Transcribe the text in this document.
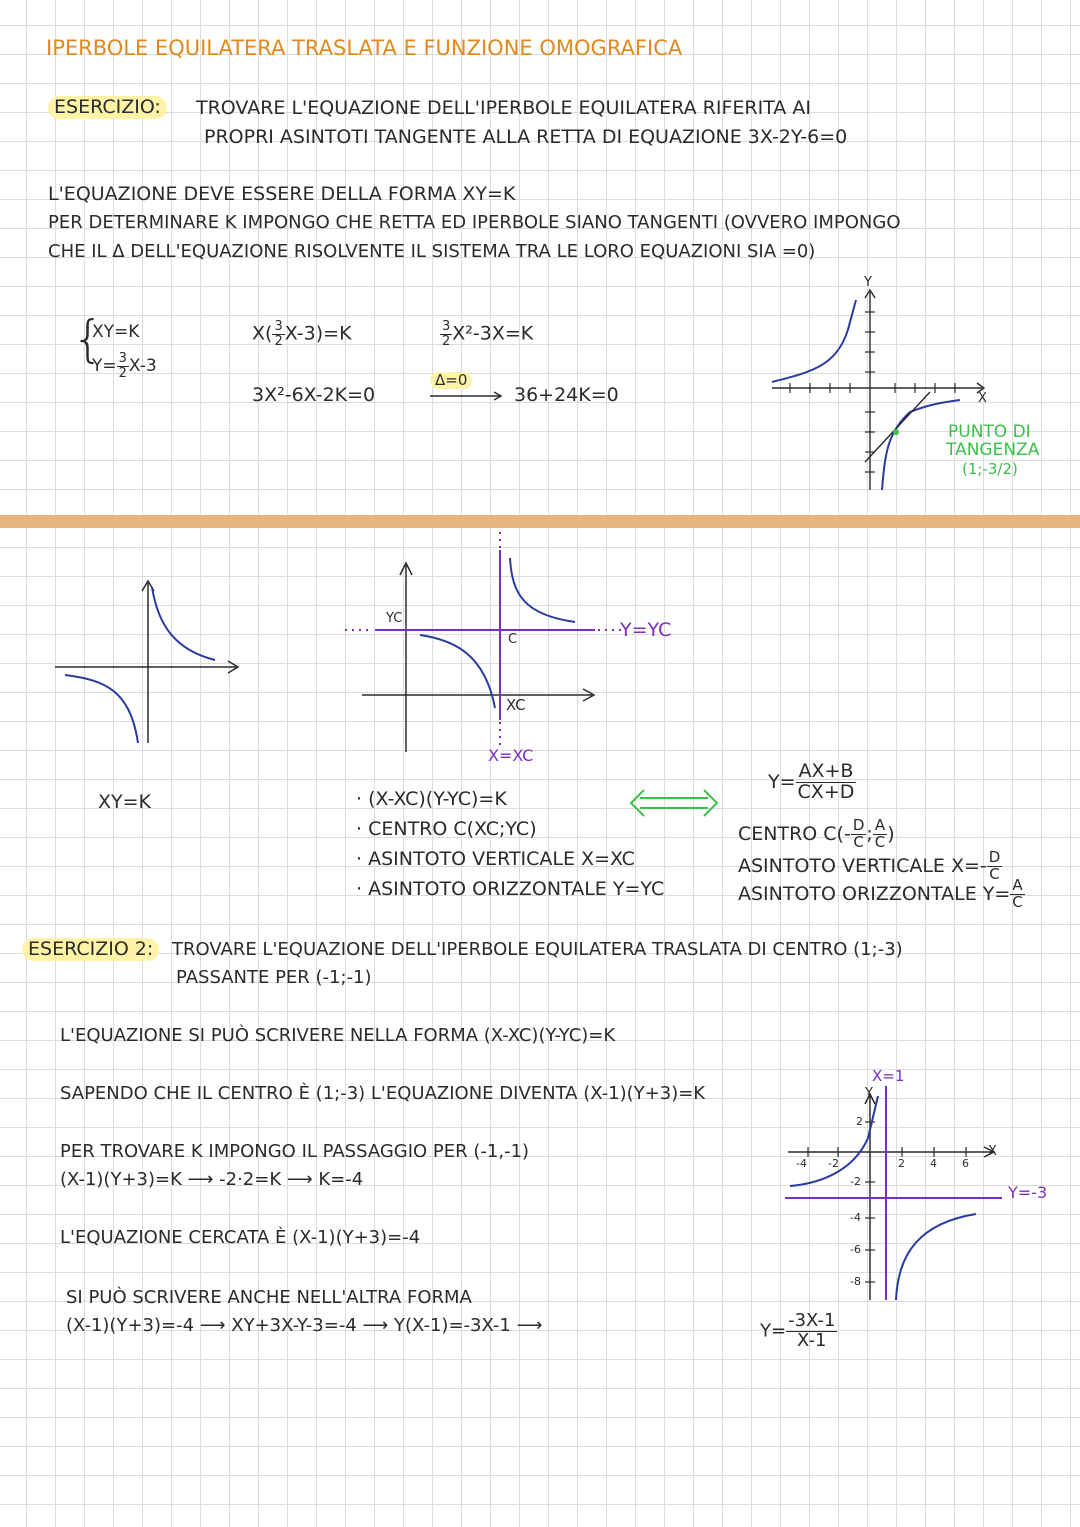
IPERBOLE EQUILATERA TRASLATA E FUNZIONE OMOGRAFICA
ESERCIZIO:	TROVARE L'EQUAZIONE DELL'IPERBOLE EQUILATERA RIFERITA AI
PROPRI ASINTOTI TANGENTE ALLA RETTA DI EQUAZIONE 3X-2Y-6=0
L'EQUAZIONE DEVE ESSERE DELLA FORMA XY=K
PER DETERMINARE K IMPONGO CHE RETTA ED IPERBOLE SIANO TANGENTI (OVVERO IMPONGO
CHE IL Δ DELL'EQUAZIONE RISOLVENTE IL SISTEMA TRA LE LORO EQUAZIONI SIA =0)
{
XY=K
$Y= \frac{3}{2} X-3$
$X( \frac{3}{2} X-3)=K$	$\frac{3}{2} X^2-3X=K$
3X²-6X-2K=0
Δ=0
36+24K=0
Y
X
PUNTO DI
TANGENZA
(1;-3/2)
XY=K
YC
C
XC
Y=YC
X=XC
· (X-XC)(Y-YC)=K
· CENTRO C(XC;YC)
· ASINTOTO VERTICALE X=XC
· ASINTOTO ORIZZONTALE Y=YC
$Y= \frac{AX+B}{CX+D}$
CENTRO $C(- \frac{D}{C}$ ; $\frac{A}{C}$ )
ASINTOTO VERTICALE $X=- \frac{D}{C}$
ASINTOTO ORIZZONTALE $Y= \frac{A}{C}$
ESERCIZIO 2:	TROVARE L'EQUAZIONE DELL'IPERBOLE EQUILATERA TRASLATA DI CENTRO (1;-3)
PASSANTE PER (-1;-1)
L'EQUAZIONE SI PUÒ SCRIVERE NELLA FORMA (X-XC)(Y-YC)=K
SAPENDO CHE IL CENTRO È (1;-3) L'EQUAZIONE DIVENTA (X-1)(Y+3)=K
PER TROVARE K IMPONGO IL PASSAGGIO PER (-1,-1)
(X-1)(Y+3)=K ⟶ -2·2=K ⟶ K=-4
L'EQUAZIONE CERCATA È (X-1)(Y+3)=-4
SI PUÒ SCRIVERE ANCHE NELL'ALTRA FORMA
(X-1)(Y+3)=-4 ⟶ XY+3X-Y-3=-4 ⟶ Y(X-1)=-3X-1 ⟶	$Y= \frac{-3X-1}{X-1}$
X=1
Y
X
Y=-3
-4 -2	2 4 6
2
-2
-4
-6
-8
